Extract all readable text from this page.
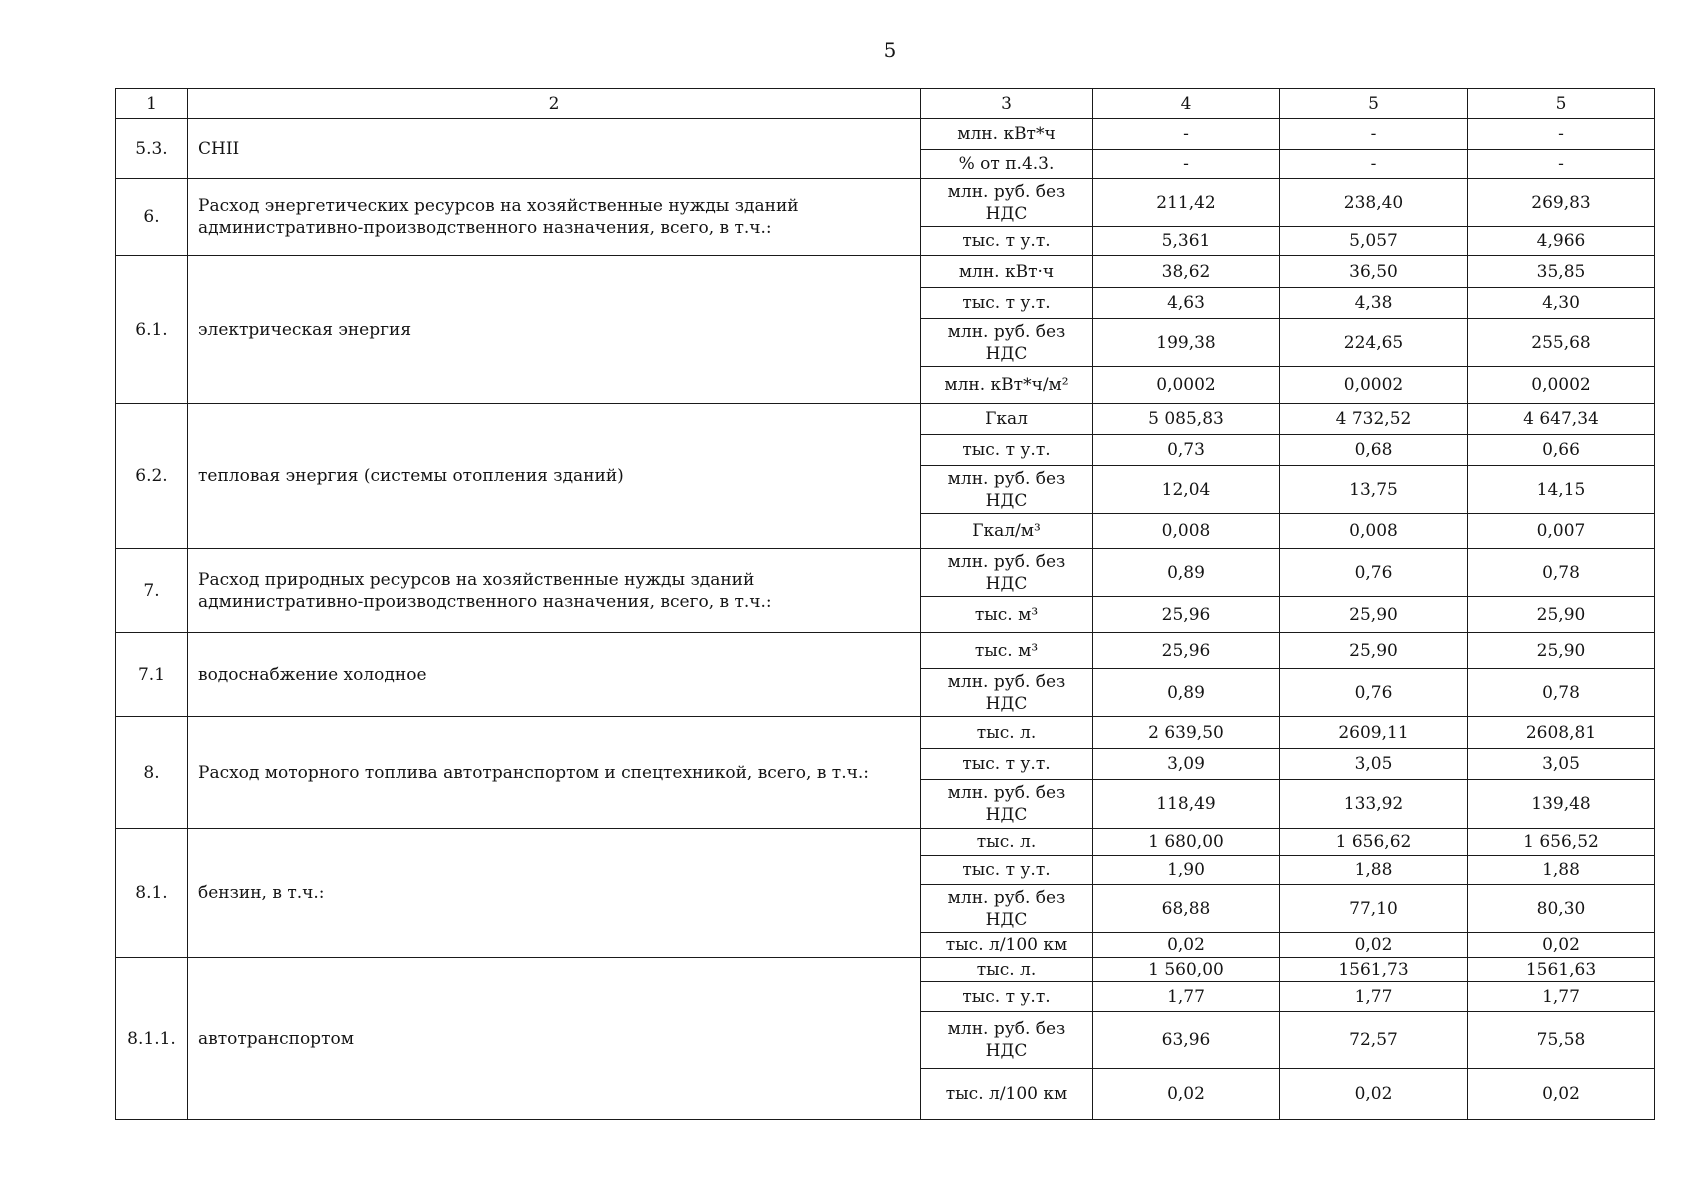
5
1	2	3	4	5	5
5.3.	СНII	млн. кВт*ч	-	-	-
		% от п.4.3.	-	-	-
6.	Расход энергетических ресурсов на хозяйственные нужды зданий административно-производственного назначения, всего, в т.ч.:	млн. руб. без НДС	211,42	238,40	269,83
		тыс. т у.т.	5,361	5,057	4,966
6.1.	электрическая энергия	млн. кВт·ч	38,62	36,50	35,85
		тыс. т у.т.	4,63	4,38	4,30
		млн. руб. без НДС	199,38	224,65	255,68
		млн. кВт*ч/м²	0,0002	0,0002	0,0002
6.2.	тепловая энергия (системы отопления зданий)	Гкал	5 085,83	4 732,52	4 647,34
		тыс. т у.т.	0,73	0,68	0,66
		млн. руб. без НДС	12,04	13,75	14,15
		Гкал/м³	0,008	0,008	0,007
7.	Расход природных ресурсов на хозяйственные нужды зданий административно-производственного назначения, всего, в т.ч.:	млн. руб. без НДС	0,89	0,76	0,78
		тыс. м³	25,96	25,90	25,90
7.1	водоснабжение холодное	тыс. м³	25,96	25,90	25,90
		млн. руб. без НДС	0,89	0,76	0,78
8.	Расход моторного топлива автотранспортом и спецтехникой, всего, в т.ч.:	тыс. л.	2 639,50	2609,11	2608,81
		тыс. т у.т.	3,09	3,05	3,05
		млн. руб. без НДС	118,49	133,92	139,48
8.1.	бензин, в т.ч.:	тыс. л.	1 680,00	1 656,62	1 656,52
		тыс. т у.т.	1,90	1,88	1,88
		млн. руб. без НДС	68,88	77,10	80,30
		тыс. л/100 км	0,02	0,02	0,02
8.1.1.	автотранспортом	тыс. л.	1 560,00	1561,73	1561,63
		тыс. т у.т.	1,77	1,77	1,77
		млн. руб. без НДС	63,96	72,57	75,58
		тыс. л/100 км	0,02	0,02	0,02
